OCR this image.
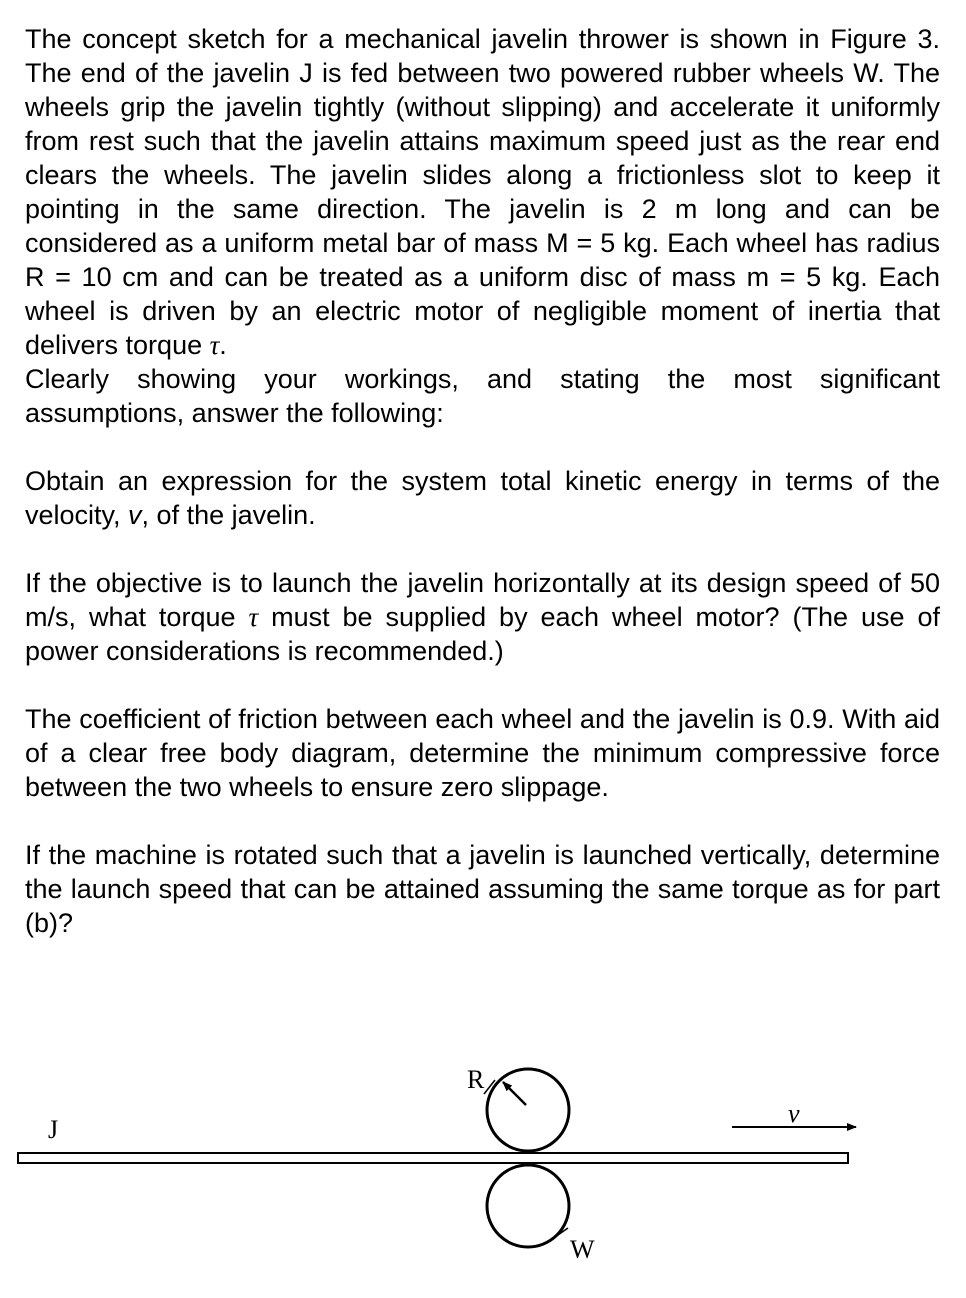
The concept sketch for a mechanical javelin thrower is shown in Figure 3. The end of the javelin J is fed between two powered rubber wheels W. The wheels grip the javelin tightly (without slipping) and accelerate it uniformly from rest such that the javelin attains maximum speed just as the rear end clears the wheels. The javelin slides along a frictionless slot to keep it pointing in the same direction. The javelin is 2 m long and can be considered as a uniform metal bar of mass M = 5 kg. Each wheel has radius R = 10 cm and can be treated as a uniform disc of mass m = 5 kg. Each wheel is driven by an electric motor of negligible moment of inertia that delivers torque τ.

Clearly showing your workings, and stating the most significant assumptions, answer the following:

Obtain an expression for the system total kinetic energy in terms of the velocity, v, of the javelin.

If the objective is to launch the javelin horizontally at its design speed of 50 m/s, what torque τ must be supplied by each wheel motor? (The use of power considerations is recommended.)

The coefficient of friction between each wheel and the javelin is 0.9. With aid of a clear free body diagram, determine the minimum compressive force between the two wheels to ensure zero slippage.

If the machine is rotated such that a javelin is launched vertically, determine the launch speed that can be attained assuming the same torque as for part (b)?

J
R
W
v
